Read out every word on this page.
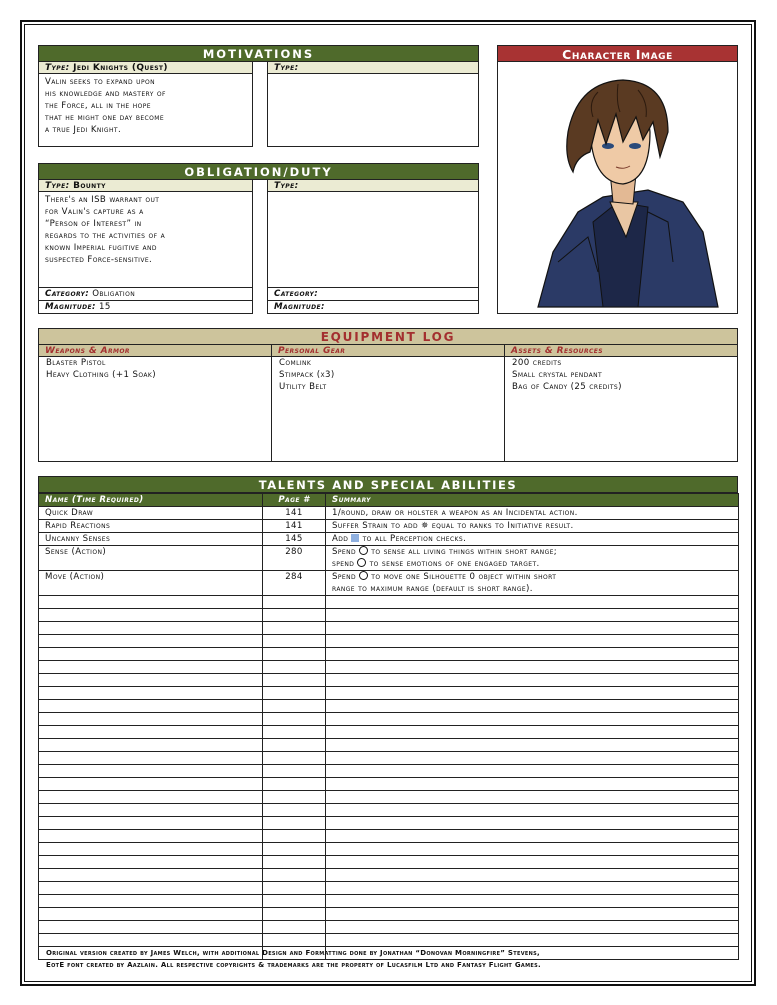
MOTIVATIONS
Type: Jedi Knights (Quest)
Valin seeks to expand upon
his knowledge and mastery of
the Force, all in the hope
that he might one day become
a true Jedi Knight.
Type:
OBLIGATION/DUTY
Type: Bounty
There's an ISB warrant out
for Valin's capture as a
“Person of Interest” in
regards to the activities of a
known Imperial fugitive and
suspected Force-sensitive.
Category: Obligation
Magnitude: 15
Type:
Category:
Magnitude:
Character Image
EQUIPMENT LOG
Weapons & Armor
Blaster Pistol
Heavy Clothing (+1 Soak)
Personal Gear
Comlink
Stimpack (x3)
Utility Belt
Assets & Resources
200 credits
Small crystal pendant
Bag of Candy (25 credits)
TALENTS AND SPECIAL ABILITIES
Name (Time Required)	Page #	Summary
Quick Draw	141	1/round, draw or holster a weapon as an Incidental action.
Rapid Reactions	141	Suffer Strain to add ✵ equal to ranks to Initiative result.
Uncanny Senses	145	Add to all Perception checks.
Sense (Action)	280	Spend to sense all living things within short range;
spend to sense emotions of one engaged target.

Move (Action)	284	Spend to move one Silhouette 0 object within short
range to maximum range (default is short range).

Original version created by James Welch, with additional Design and Formatting done by Jonathan “Donovan Morningfire” Stevens,
EotE font created by Aazlain. All respective copyrights & trademarks are the property of Lucasfilm Ltd and Fantasy Flight Games.
